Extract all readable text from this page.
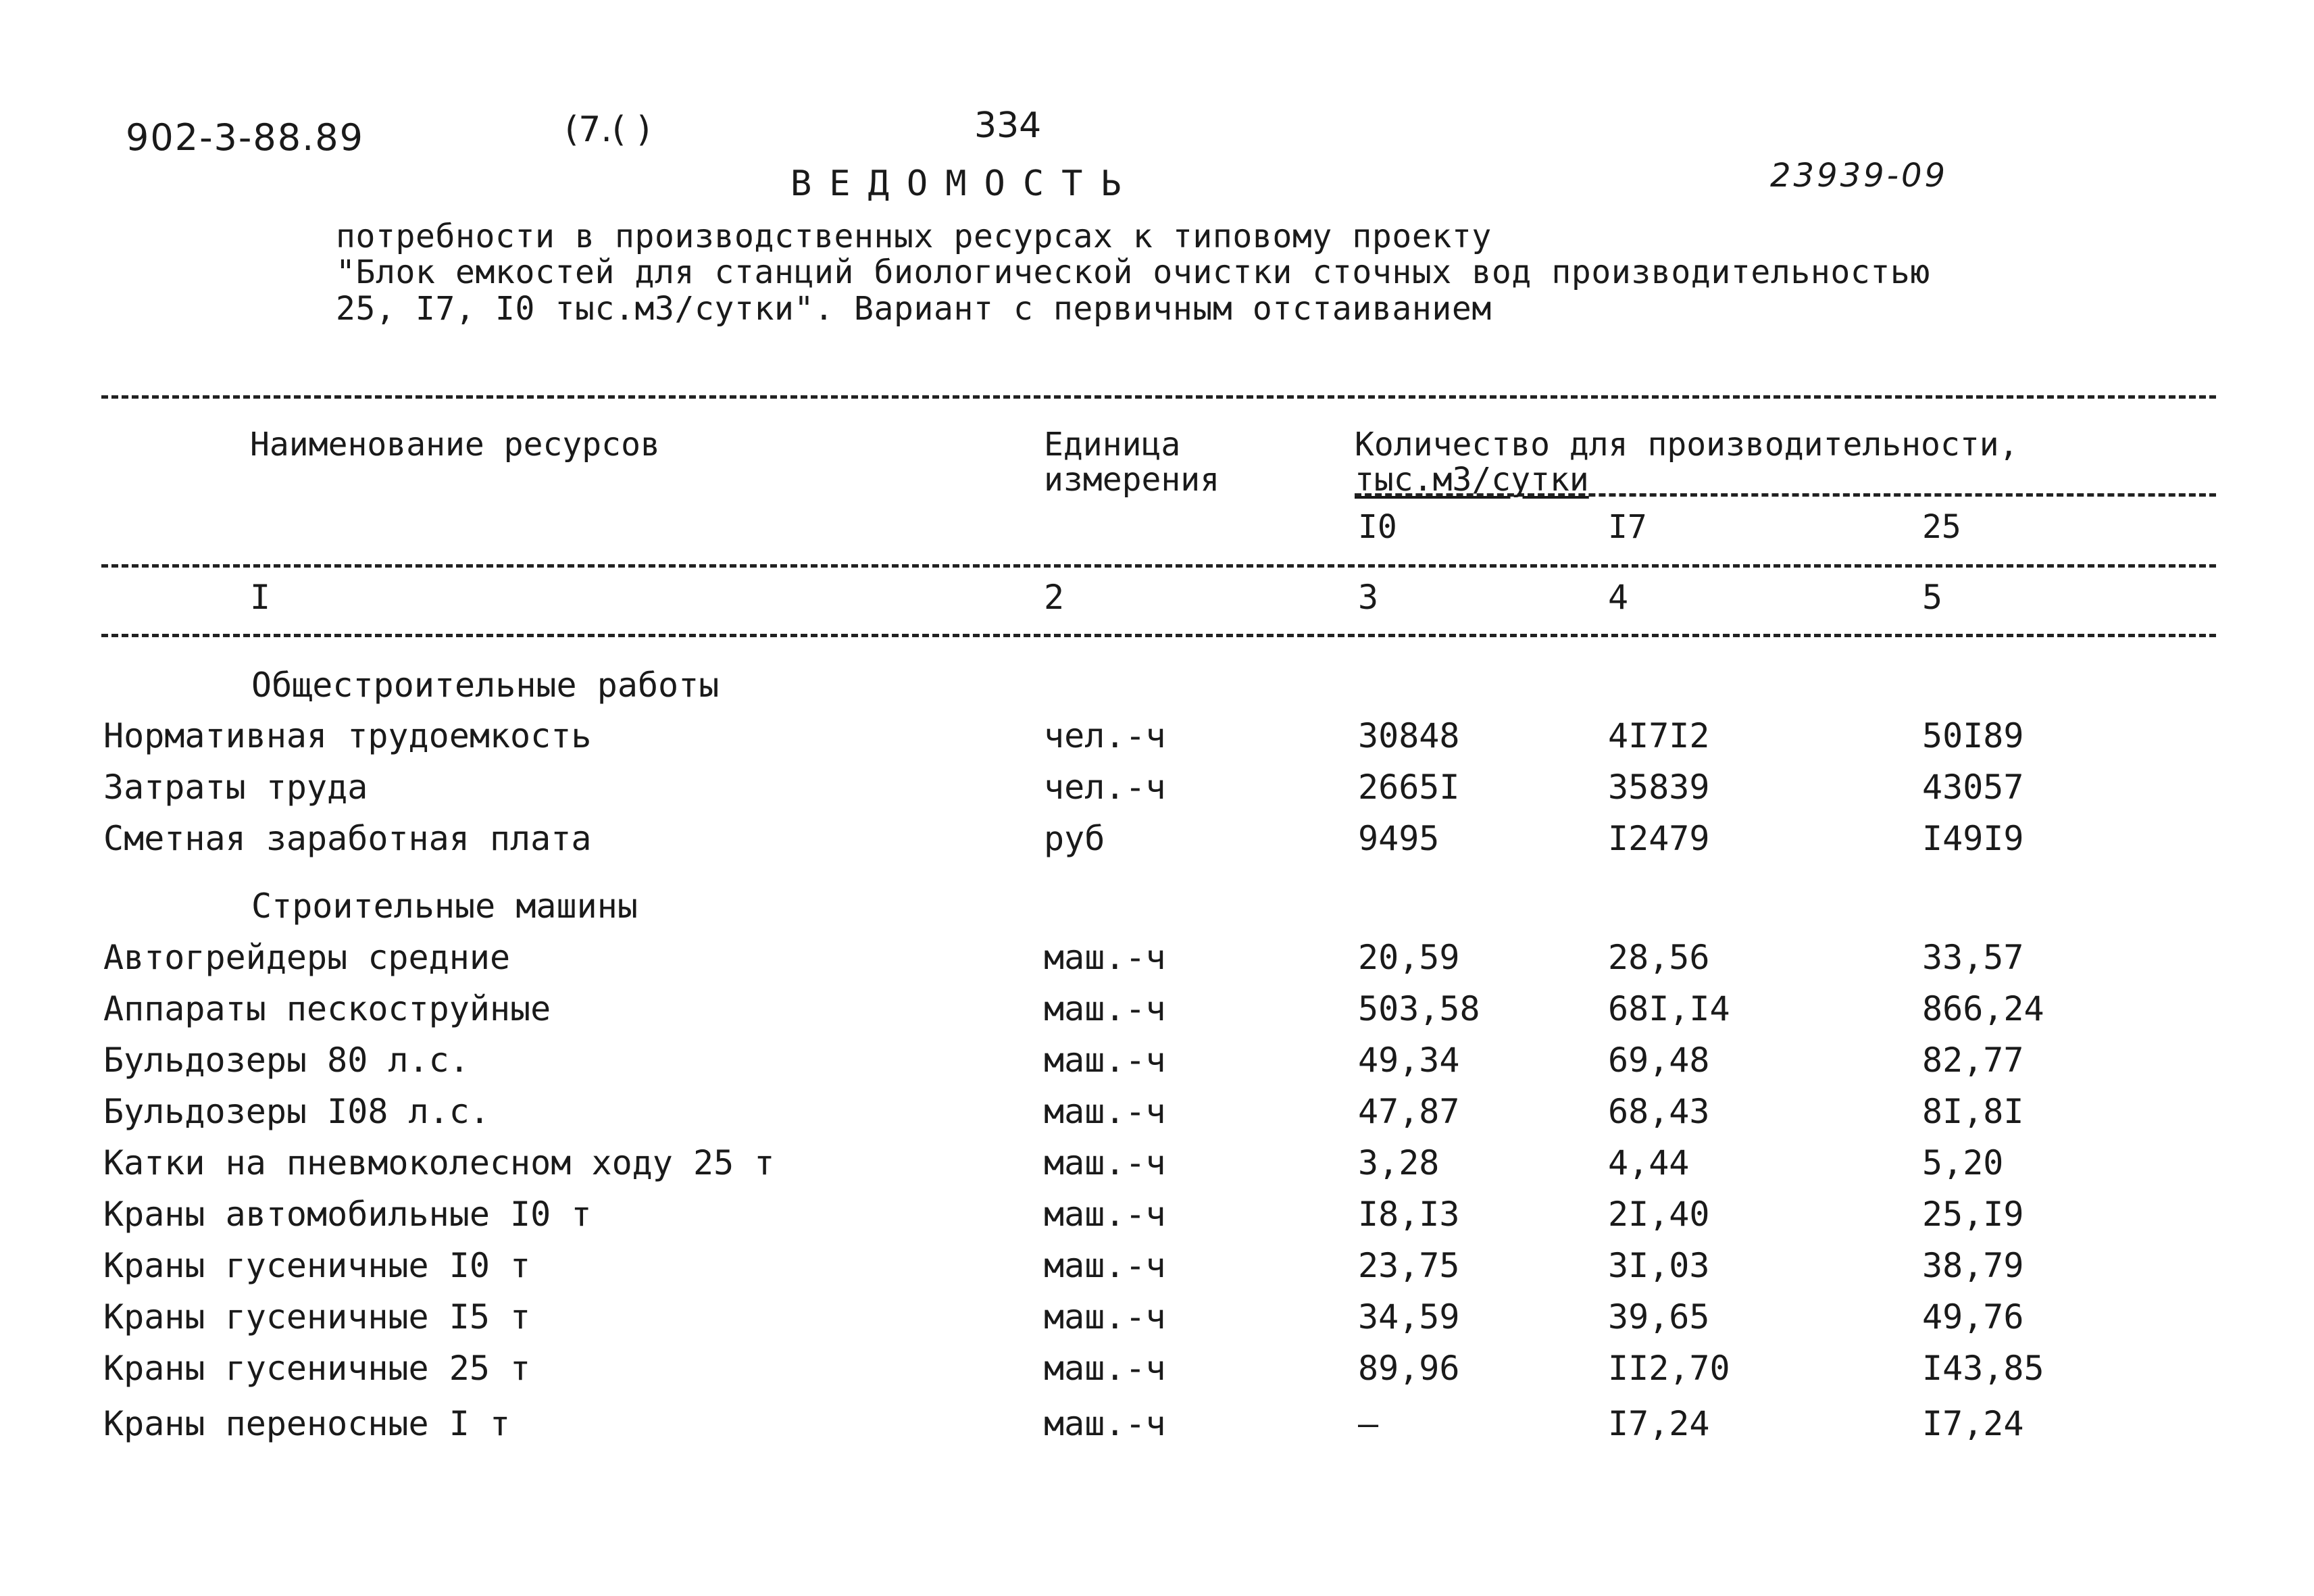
902-3-88.89	(7.( )	334
23939-09
ВЕДОМОСТЬ
потребности в производственных ресурсах к типовому проекту
"Блок емкостей для станций биологической очистки сточных вод производительностью
25, I7, I0 тыс.м3/сутки". Вариант с первичным отстаиванием
Наименование ресурсов	Единица
измерения
Количество для производительности,
тыс.м3/сутки
I0	I7	25
I	2	3	4	5
Общестроительные работы
Нормативная трудоемкость	чел.-ч	30848	4I7I2	50I89
Затраты труда	чел.-ч	2665I	35839	43057
Сметная заработная плата	руб	9495	I2479	I49I9
Строительные машины
Автогрейдеры средние	маш.-ч	20,59	28,56	33,57
Аппараты пескоструйные	маш.-ч	503,58	68I,I4	866,24
Бульдозеры 80 л.с.	маш.-ч	49,34	69,48	82,77
Бульдозеры I08 л.с.	маш.-ч	47,87	68,43	8I,8I
Катки на пневмоколесном ходу 25 т	маш.-ч	3,28	4,44	5,20
Краны автомобильные I0 т	маш.-ч	I8,I3	2I,40	25,I9
Краны гусеничные I0 т	маш.-ч	23,75	3I,03	38,79
Краны гусеничные I5 т	маш.-ч	34,59	39,65	49,76
Краны гусеничные 25 т	маш.-ч	89,96	II2,70	I43,85
Краны переносные I т	маш.-ч	–	I7,24	I7,24
